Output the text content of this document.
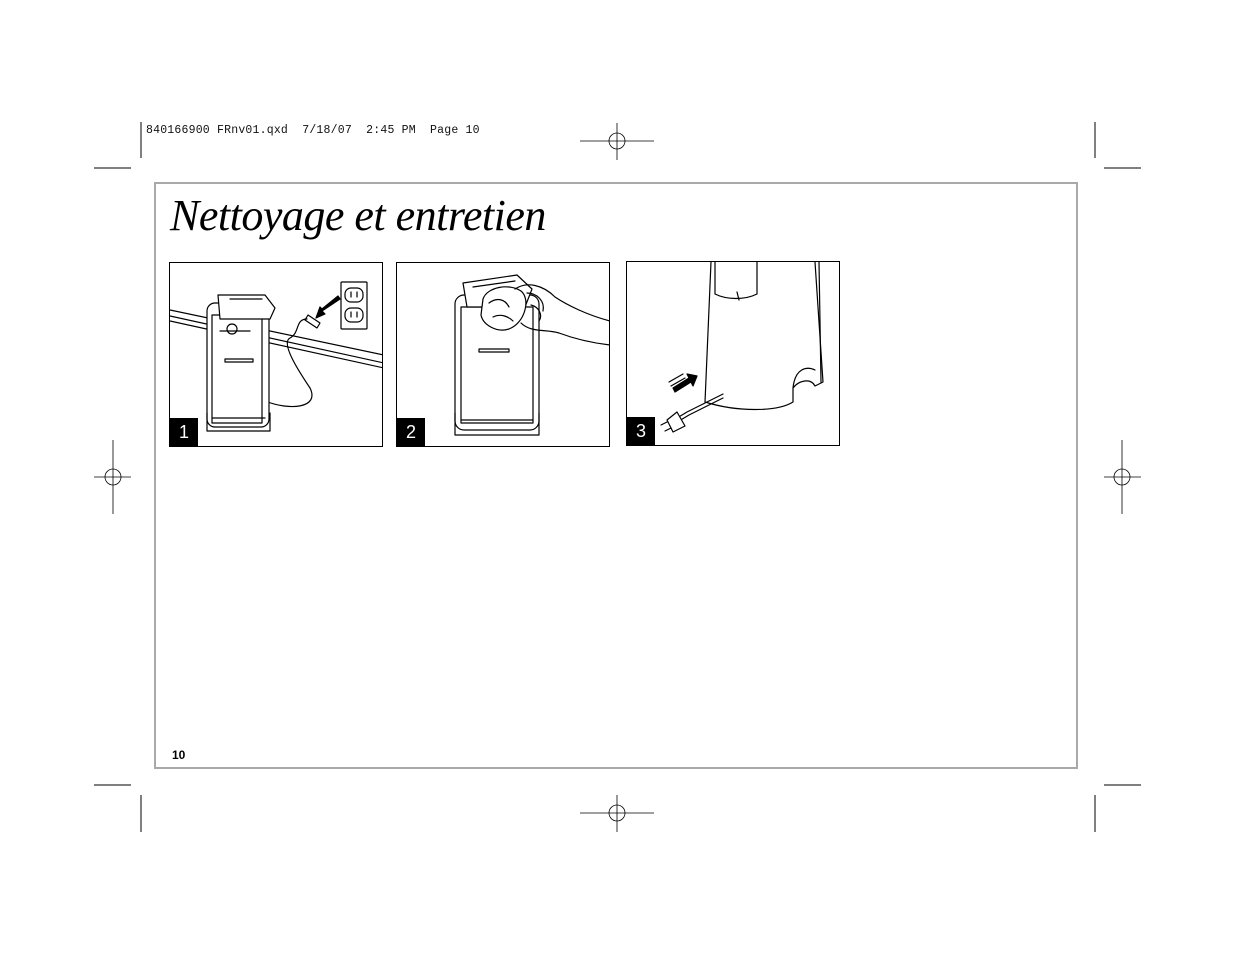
840166900 FRnv01.qxd  7/18/07  2:45 PM  Page 10
Nettoyage et entretien
1	2	3
10
